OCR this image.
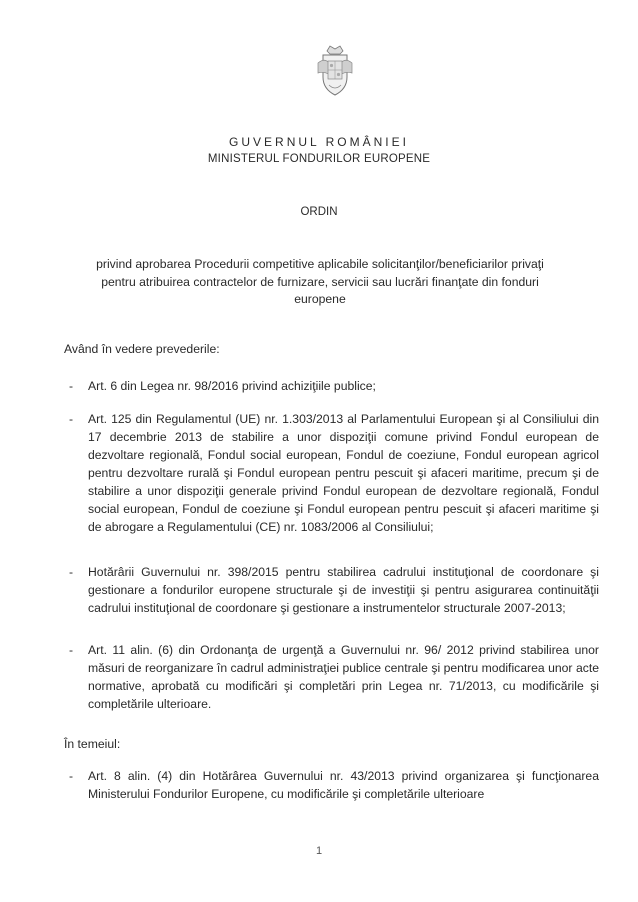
GUVERNUL ROMÂNIEI
MINISTERUL FONDURILOR EUROPENE
ORDIN
privind aprobarea Procedurii competitive aplicabile solicitanţilor/beneficiarilor privaţi pentru atribuirea contractelor de furnizare, servicii sau lucrări finanţate din fonduri europene
Având în vedere prevederile:
- Art. 6 din Legea nr. 98/2016 privind achiziţiile publice;
- Art. 125 din Regulamentul (UE) nr. 1.303/2013 al Parlamentului European şi al Consiliului din 17 decembrie 2013 de stabilire a unor dispoziţii comune privind Fondul european de dezvoltare regională, Fondul social european, Fondul de coeziune, Fondul european agricol pentru dezvoltare rurală şi Fondul european pentru pescuit şi afaceri maritime, precum şi de stabilire a unor dispoziţii generale privind Fondul european de dezvoltare regională, Fondul social european, Fondul de coeziune şi Fondul european pentru pescuit şi afaceri maritime şi de abrogare a Regulamentului (CE) nr. 1083/2006 al Consiliului;
- Hotărârii Guvernului nr. 398/2015 pentru stabilirea cadrului instituţional de coordonare şi gestionare a fondurilor europene structurale şi de investiţii şi pentru asigurarea continuităţii cadrului instituţional de coordonare şi gestionare a instrumentelor structurale 2007-2013;
- Art. 11 alin. (6) din Ordonanţa de urgenţă a Guvernului nr. 96/ 2012 privind stabilirea unor măsuri de reorganizare în cadrul administraţiei publice centrale şi pentru modificarea unor acte normative, aprobată cu modificări şi completări prin Legea nr. 71/2013, cu modificările şi completările ulterioare.
În temeiul:
- Art. 8 alin. (4) din Hotărârea Guvernului nr. 43/2013 privind organizarea şi funcţionarea Ministerului Fondurilor Europene, cu modificările şi completările ulterioare
1
